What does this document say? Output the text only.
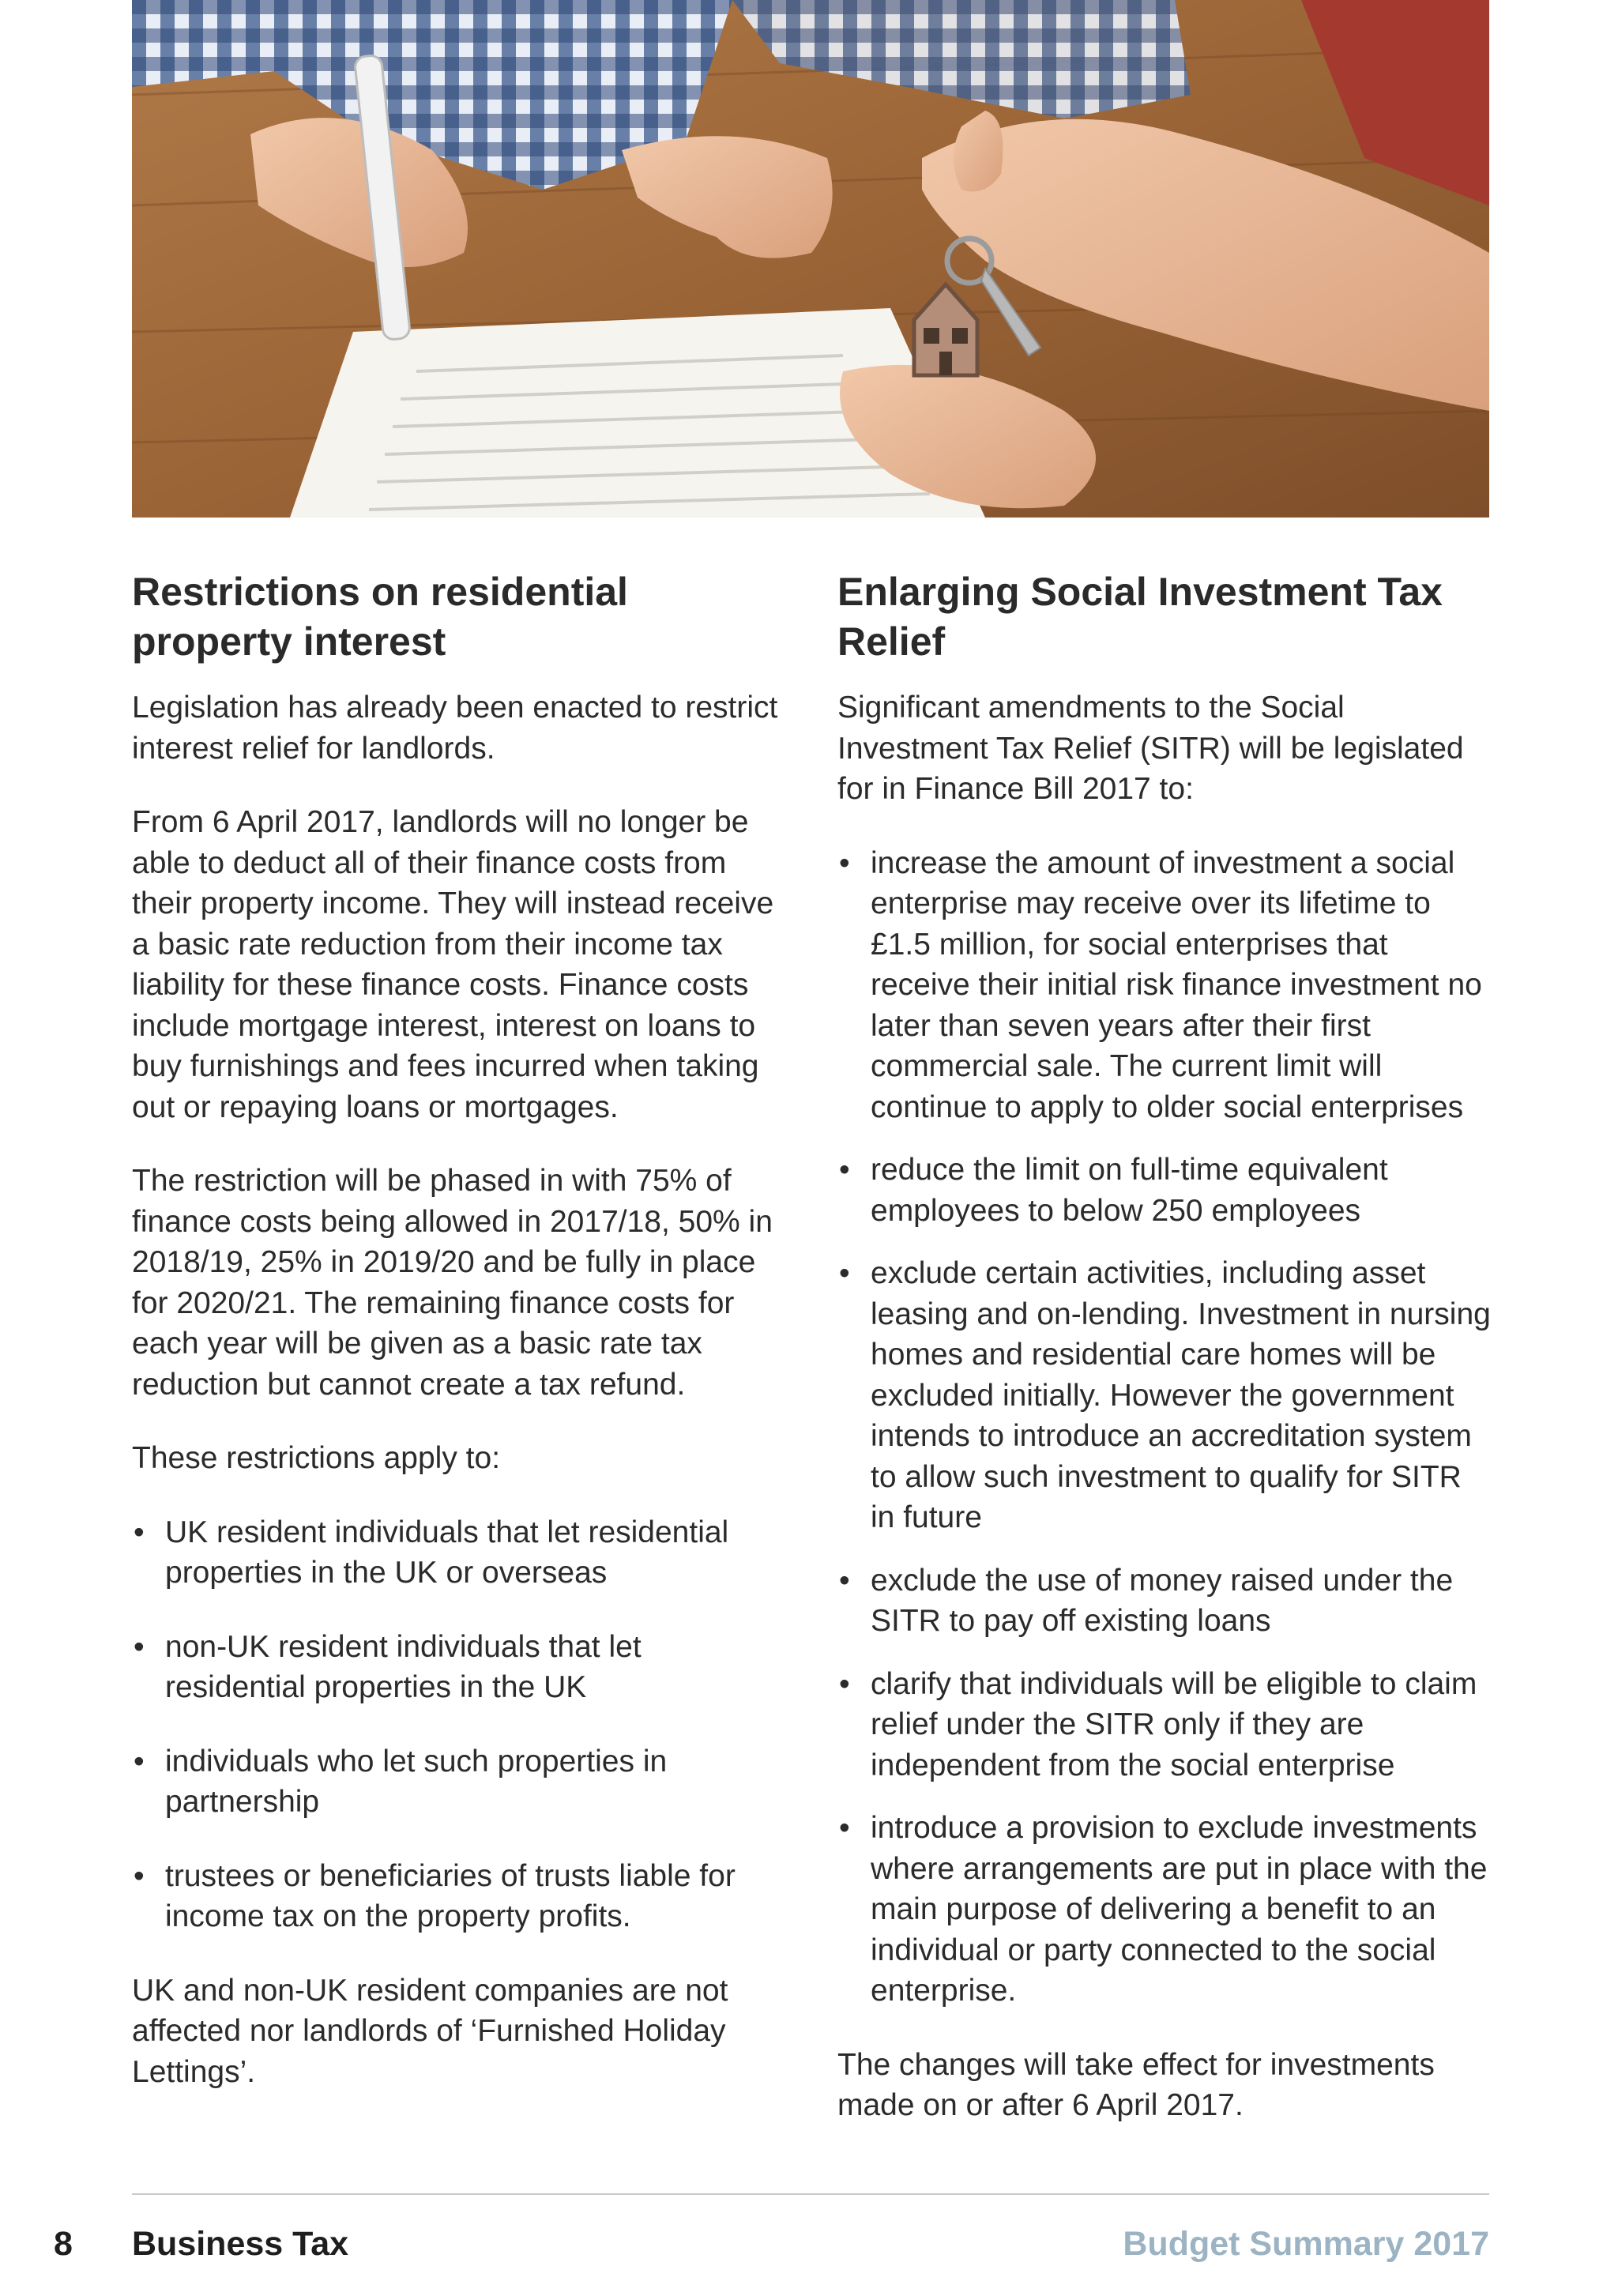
Restrictions on residential property interest

Legislation has already been enacted to restrict interest relief for landlords.

From 6 April 2017, landlords will no longer be able to deduct all of their finance costs from their property income. They will instead receive a basic rate reduction from their income tax liability for these finance costs. Finance costs include mortgage interest, interest on loans to buy furnishings and fees incurred when taking out or repaying loans or mortgages.

The restriction will be phased in with 75% of finance costs being allowed in 2017/18, 50% in 2018/19, 25% in 2019/20 and be fully in place for 2020/21. The remaining finance costs for each year will be given as a basic rate tax reduction but cannot create a tax refund.

These restrictions apply to:

• UK resident individuals that let residential properties in the UK or overseas
• non-UK resident individuals that let residential properties in the UK
• individuals who let such properties in partnership
• trustees or beneficiaries of trusts liable for income tax on the property profits.

UK and non-UK resident companies are not affected nor landlords of ‘Furnished Holiday Lettings’.

Enlarging Social Investment Tax Relief

Significant amendments to the Social Investment Tax Relief (SITR) will be legislated for in Finance Bill 2017 to:

• increase the amount of investment a social enterprise may receive over its lifetime to £1.5 million, for social enterprises that receive their initial risk finance investment no later than seven years after their first commercial sale. The current limit will continue to apply to older social enterprises
• reduce the limit on full-time equivalent employees to below 250 employees
• exclude certain activities, including asset leasing and on-lending. Investment in nursing homes and residential care homes will be excluded initially. However the government intends to introduce an accreditation system to allow such investment to qualify for SITR in future
• exclude the use of money raised under the SITR to pay off existing loans
• clarify that individuals will be eligible to claim relief under the SITR only if they are independent from the social enterprise
• introduce a provision to exclude investments where arrangements are put in place with the main purpose of delivering a benefit to an individual or party connected to the social enterprise.

The changes will take effect for investments made on or after 6 April 2017.

8 Business Tax	Budget Summary 2017
